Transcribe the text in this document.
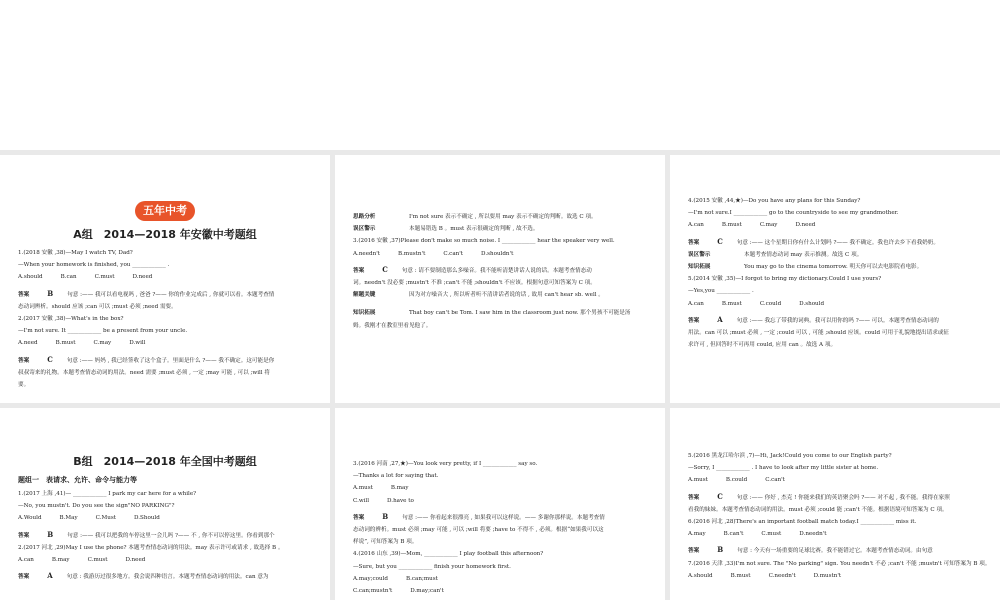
五年中考
A组　2014—2018 年安徽中考题组
1.(2018 安徽 ,38)—May I watch TV, Dad?
—When your homework is finished, you ____________ .
A.should	B.can	C.must	D.need
答案	B	句意 :—— 我可以看电视吗 , 爸爸 ?—— 你的作业完成后 , 你就可以看。本题考查情
态动词辨析。should 应该 ;can 可以 ;must 必须 ;need 需要。
2.(2017 安徽 ,38)—What's in the box?
—I'm not sure. It ____________ be a present from your uncle.
A.need	B.must	C.may	D.will
答案	C	句意 :—— 妈妈 , 我已经签收了这个盒子。里面是什么 ?—— 我不确定。这可能是你
叔叔寄来的礼物。本题考查情态动词的用法。need 需要 ;must 必须 , 一定 ;may 可能 , 可以 ;will 将
要。
思路分析	I'm not sure 表示不确定 , 所以要用 may 表示不确定的判断。故选 C 项。
误区警示	本题易错选 B 。must 表示很确定的判断 , 故不选。
3.(2016 安徽 ,37)Please don't make so much noise. I ____________ hear the speaker very well.
A.needn't	B.mustn't	C.can't	D.shouldn't
答案	C	句意 : 请不要制造那么多噪音。我不能听清楚讲话人说的话。本题考查情态动
词。needn't 没必要 ;mustn't 不准 ;can't 不能 ;shouldn't 不应该。根据句意可知答案为 C 项。
解题关键	因为对方噪音大 , 所以听者听不清讲话者说的话 , 故用 can't hear sb. well 。
知识拓展	That boy can't be Tom. I saw him in the classroom just now. 那个男孩不可能是汤
姆。我刚才在教室里看见他了。
4.(2015 安徽 ,44,★)—Do you have any plans for this Sunday?
—I'm not sure.I ____________ go to the countryside to see my grandmother.
A.can	B.must	C.may	D.need
答案	C	句意 :—— 这个星期日你有什么计划吗 ?—— 我不确定。我也许去乡下看我奶奶。
误区警示	本题考查情态动词 may 表示推测。故选 C 项。
知识拓展	You may go to the cinema tomorrow. 明天你可以去电影院看电影。
5.(2014 安徽 ,35)—I forgot to bring my dictionary.Could I use yours?
—Yes,you ____________ .
A.can	B.must	C.could	D.should
答案	A	句意 :—— 我忘了带我的词典。我可以用你的吗 ?—— 可以。本题考查情态动词的
用法。can 可以 ;must 必须 , 一定 ;could 可以 , 可能 ;should 应该。could 可用于礼貌地提出请求或征
求许可 , 但回答时不可再用 could, 应用 can 。故选 A 项。
B组　2014—2018 年全国中考题组
题组一　表请求、允许、命令与能力等
1.(2017 上海 ,41)— ____________ I park my car here for a while?
—No, you mustn't. Do you see the sign"NO PARKING"?
A.Would	B.May	C.Must	D.Should
答案	B	句意 :—— 我可以把我的车停这里一会儿吗 ?—— 不 , 你不可以停这里。你看到那个
2.(2017 河北 ,29)May I use the phone? 本题考查情态动词的用法。may 表示许可或请求 , 故选择 B 。
A.can	B.may	C.must	D.need
答案	A	句意 : 我游历过很多地方。我会说四种语言。本题考查情态动词的用法。can 意为
3.(2016 河南 ,27,★)—You look very pretty, if I ____________ say so.
—Thanks a lot for saying that.
A.must	B.may
C.will	D.have to
答案	B	句意 :—— 你看起来很漂亮 , 如果我可以这样说。—— 多谢你那样说。本题考查情
态动词的辨析。must 必须 ;may 可能 , 可以 ;will 将要 ;have to 不得不 , 必须。根据“如果我可以这
样说”, 可知答案为 B 项。
4.(2016 山东 ,39)—Mom, ____________ I play football this afternoon?
—Sure, but you ____________ finish your homework first.
A.may;could	B.can;must
C.can;mustn't	D.may;can't
5.(2016 黑龙江哈尔滨 ,7)—Hi, Jack!Could you come to our English party?
—Sorry, I ____________ . I have to look after my little sister at home.
A.must	B.could	C.can't
答案	C	句意 :—— 你好 , 杰克 ! 你能来我们的英语聚会吗 ?—— 对不起 , 我不能。我得在家照
看我的妹妹。本题考查情态动词的用法。must 必须 ;could 能 ;can't 不能。根据语境可知答案为 C 项。
6.(2016 河北 ,28)There's an important football match today.I ____________ miss it.
A.may	B.can't	C.must	D.needn't
答案	B	句意 : 今天有一场重要的足球比赛。我不能错过它。本题考查情态动词。由句意
7.(2016 天津 ,33)I'm not sure. The "No parking" sign. You needn't 不必 ;can't 不能 ;mustn't 可知答案为 B 项。
A.should	B.must	C.needn't	D.mustn't
